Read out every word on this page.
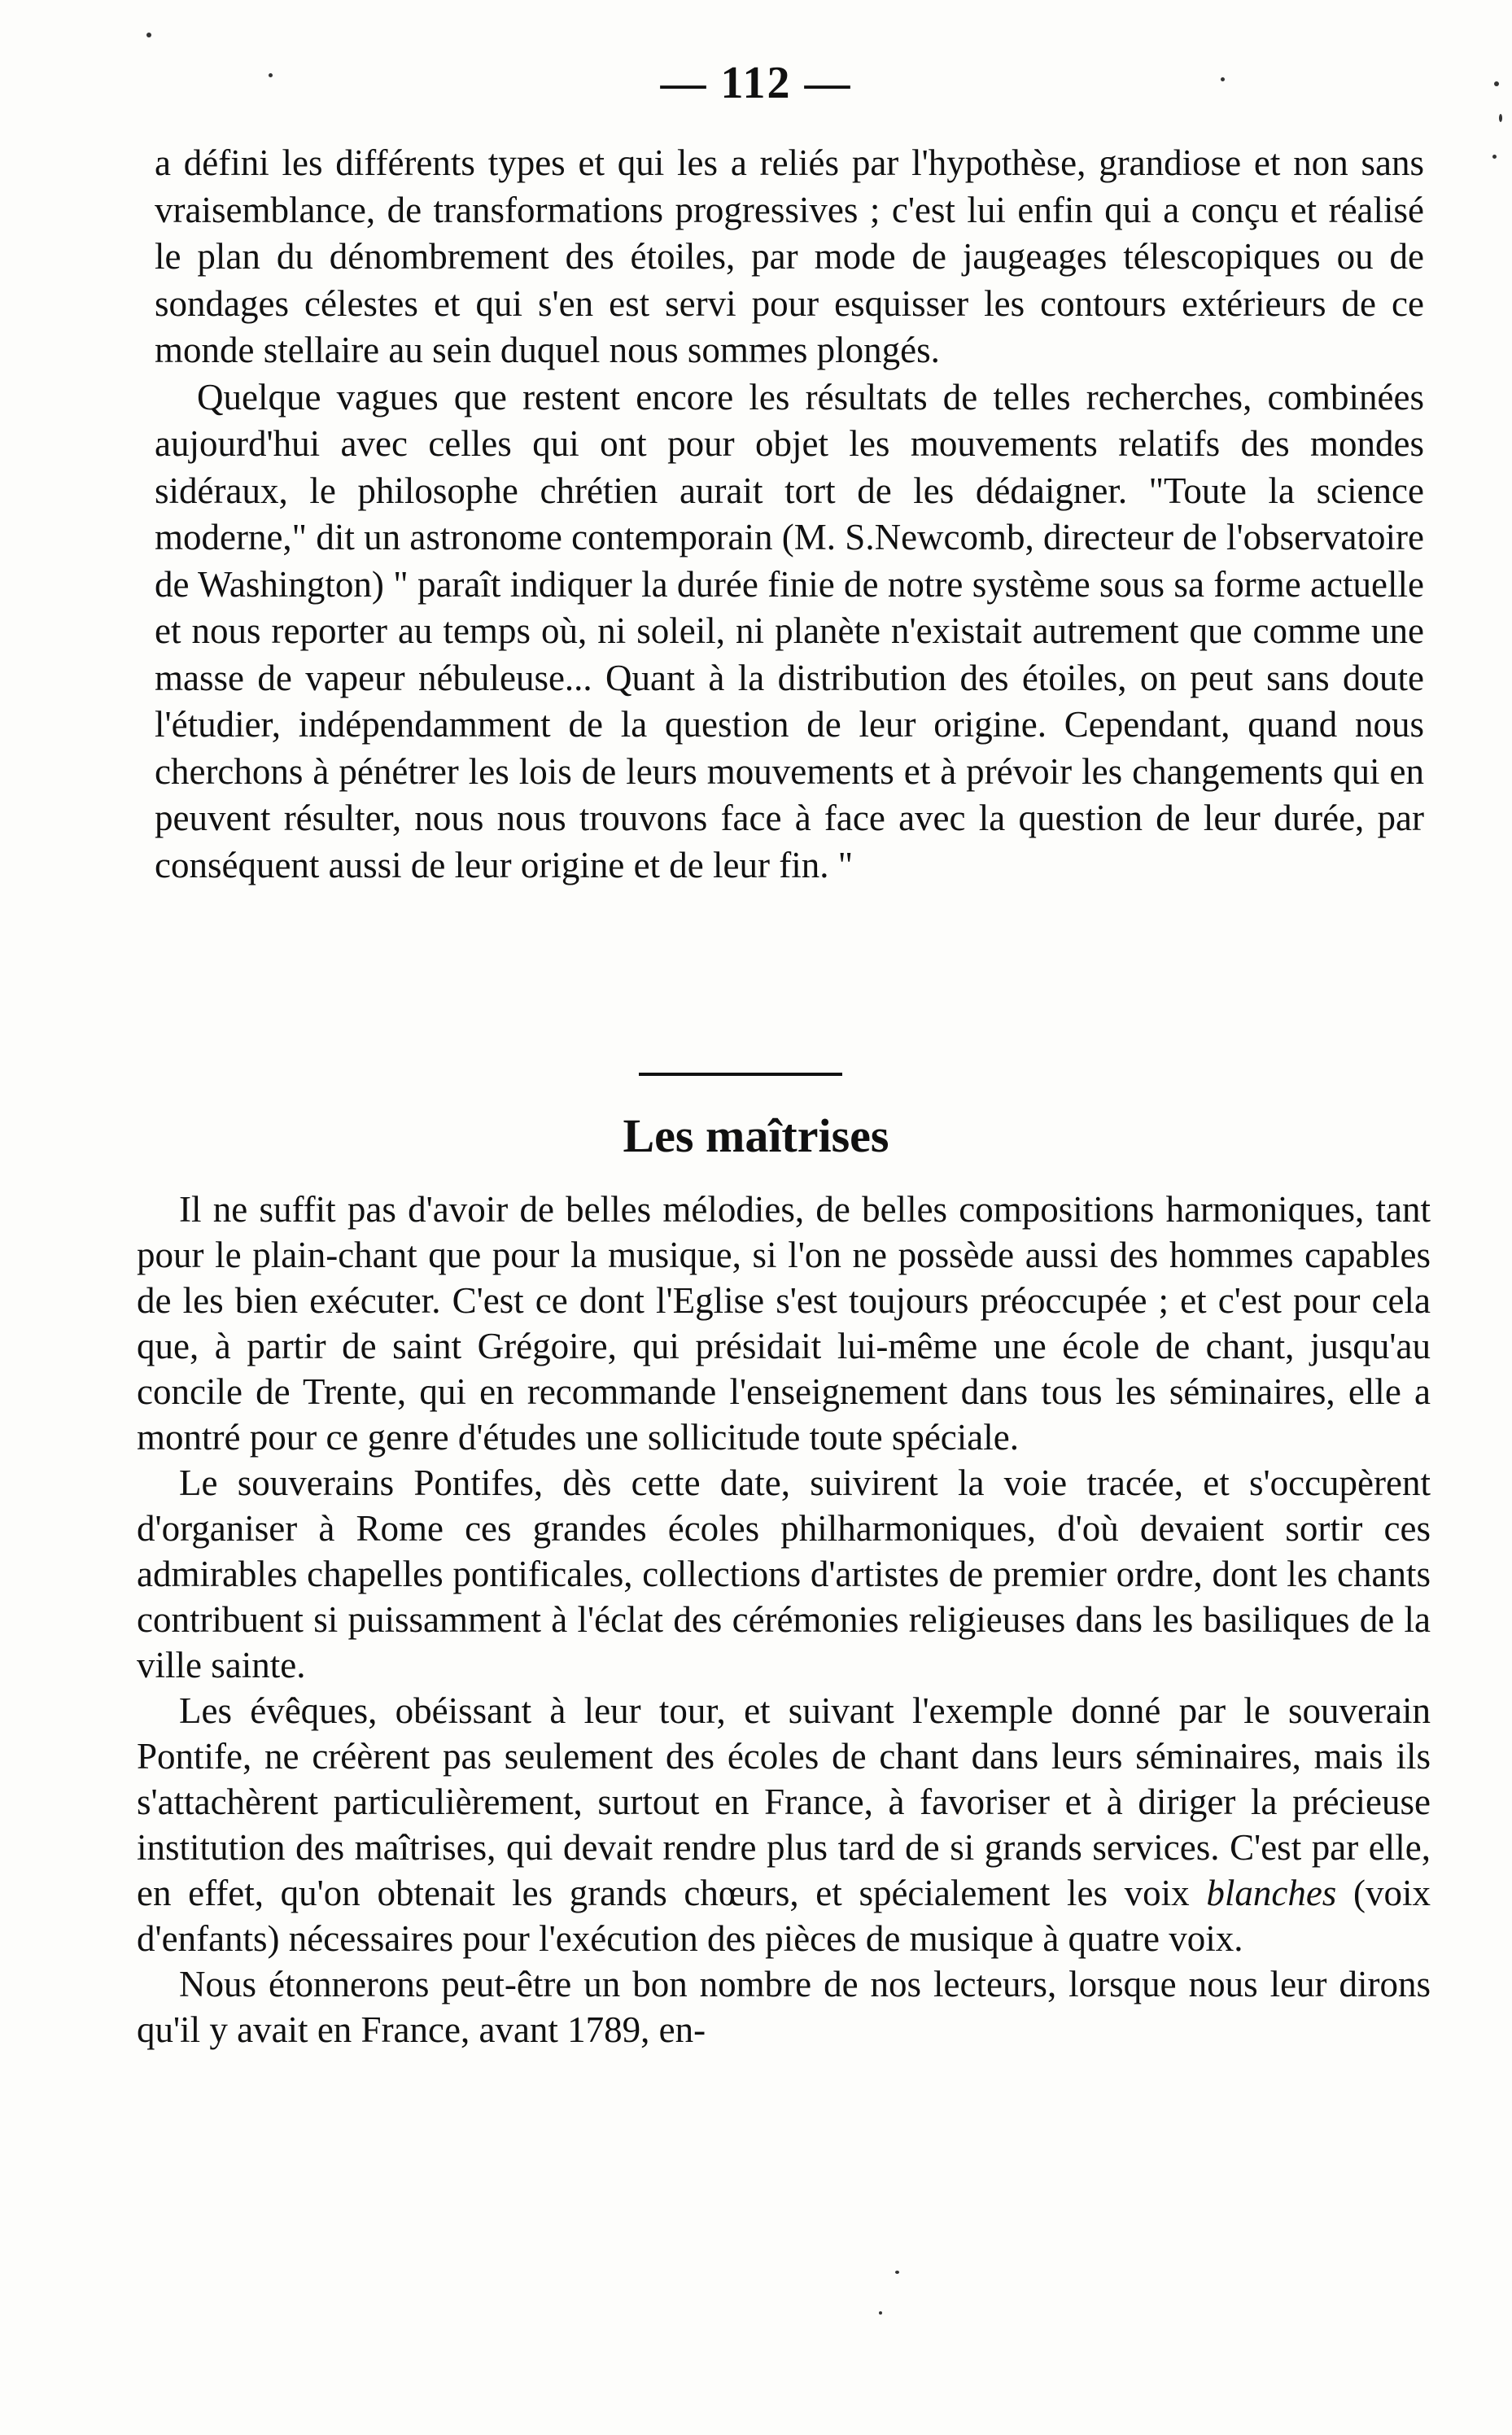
— 112 —

a défini les différents types et qui les a reliés par l'hypothèse, grandiose et non sans vraisemblance, de transformations progressives ; c'est lui enfin qui a conçu et réalisé le plan du dénombrement des étoiles, par mode de jaugeages télescopiques ou de sondages célestes et qui s'en est servi pour esquisser les contours extérieurs de ce monde stellaire au sein duquel nous sommes plongés.

Quelque vagues que restent encore les résultats de telles recherches, combinées aujourd'hui avec celles qui ont pour objet les mouvements relatifs des mondes sidéraux, le philosophe chrétien aurait tort de les dédaigner. "Toute la science moderne," dit un astronome contemporain (M. S.Newcomb, directeur de l'observatoire de Washington) " paraît indiquer la durée finie de notre système sous sa forme actuelle et nous reporter au temps où, ni soleil, ni planète n'existait autrement que comme une masse de vapeur nébuleuse... Quant à la distribution des étoiles, on peut sans doute l'étudier, indépendamment de la question de leur origine. Cependant, quand nous cherchons à pénétrer les lois de leurs mouvements et à prévoir les changements qui en peuvent résulter, nous nous trouvons face à face avec la question de leur durée, par conséquent aussi de leur origine et de leur fin. "

Les maîtrises

Il ne suffit pas d'avoir de belles mélodies, de belles compositions harmoniques, tant pour le plain-chant que pour la musique, si l'on ne possède aussi des hommes capables de les bien exécuter. C'est ce dont l'Eglise s'est toujours préoccupée ; et c'est pour cela que, à partir de saint Grégoire, qui présidait lui-même une école de chant, jusqu'au concile de Trente, qui en recommande l'enseignement dans tous les séminaires, elle a montré pour ce genre d'études une sollicitude toute spéciale.

Le souverains Pontifes, dès cette date, suivirent la voie tracée, et s'occupèrent d'organiser à Rome ces grandes écoles philharmoniques, d'où devaient sortir ces admirables chapelles pontificales, collections d'artistes de premier ordre, dont les chants contribuent si puissamment à l'éclat des cérémonies religieuses dans les basiliques de la ville sainte.

Les évêques, obéissant à leur tour, et suivant l'exemple donné par le souverain Pontife, ne créèrent pas seulement des écoles de chant dans leurs séminaires, mais ils s'attachèrent particulièrement, surtout en France, à favoriser et à diriger la précieuse institution des maîtrises, qui devait rendre plus tard de si grands services. C'est par elle, en effet, qu'on obtenait les grands chœurs, et spécialement les voix blanches (voix d'enfants) nécessaires pour l'exécution des pièces de musique à quatre voix.

Nous étonnerons peut-être un bon nombre de nos lecteurs, lorsque nous leur dirons qu'il y avait en France, avant 1789, en-
